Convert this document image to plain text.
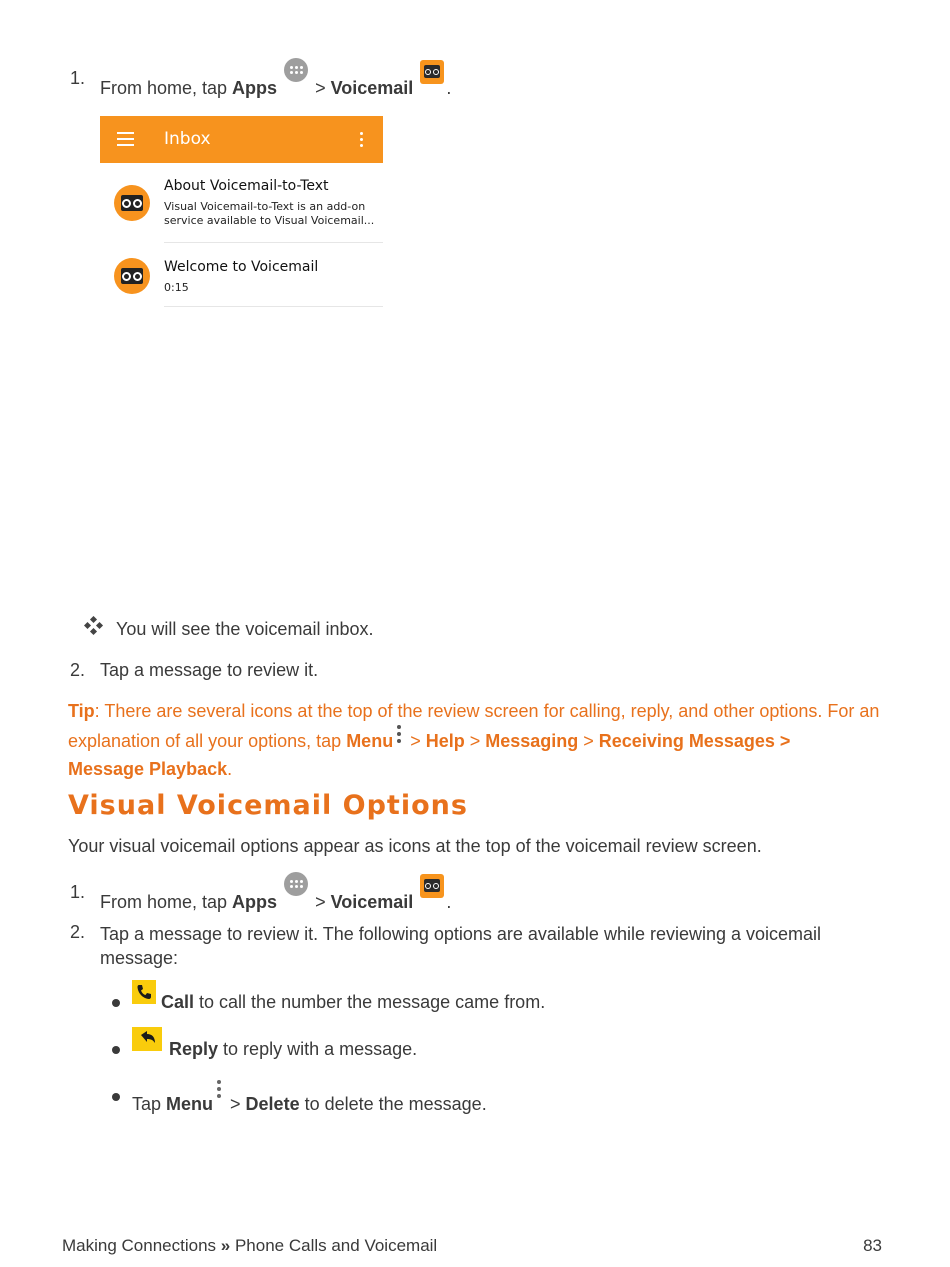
1. From home, tap Apps
> Voicemail .
Inbox
About Voicemail-to-Text
Visual Voicemail-to-Text is an add-on service available to Visual Voicemail...
Welcome to Voicemail
0:15
You will see the voicemail inbox.
2. Tap a message to review it.
Tip: There are several icons at the top of the review screen for calling, reply, and other options. For an explanation of all your options, tap Menu
> Help > Messaging > Receiving Messages >
Message Playback.
Visual Voicemail Options
Your visual voicemail options appear as icons at the top of the voicemail review screen.
1. From home, tap Apps
> Voicemail .
2. Tap a message to review it. The following options are available while reviewing a voicemail message:
Call to call the number the message came from.
Reply to reply with a message.
Tap Menu
> Delete to delete the message.
Making Connections » Phone Calls and Voicemail	83
